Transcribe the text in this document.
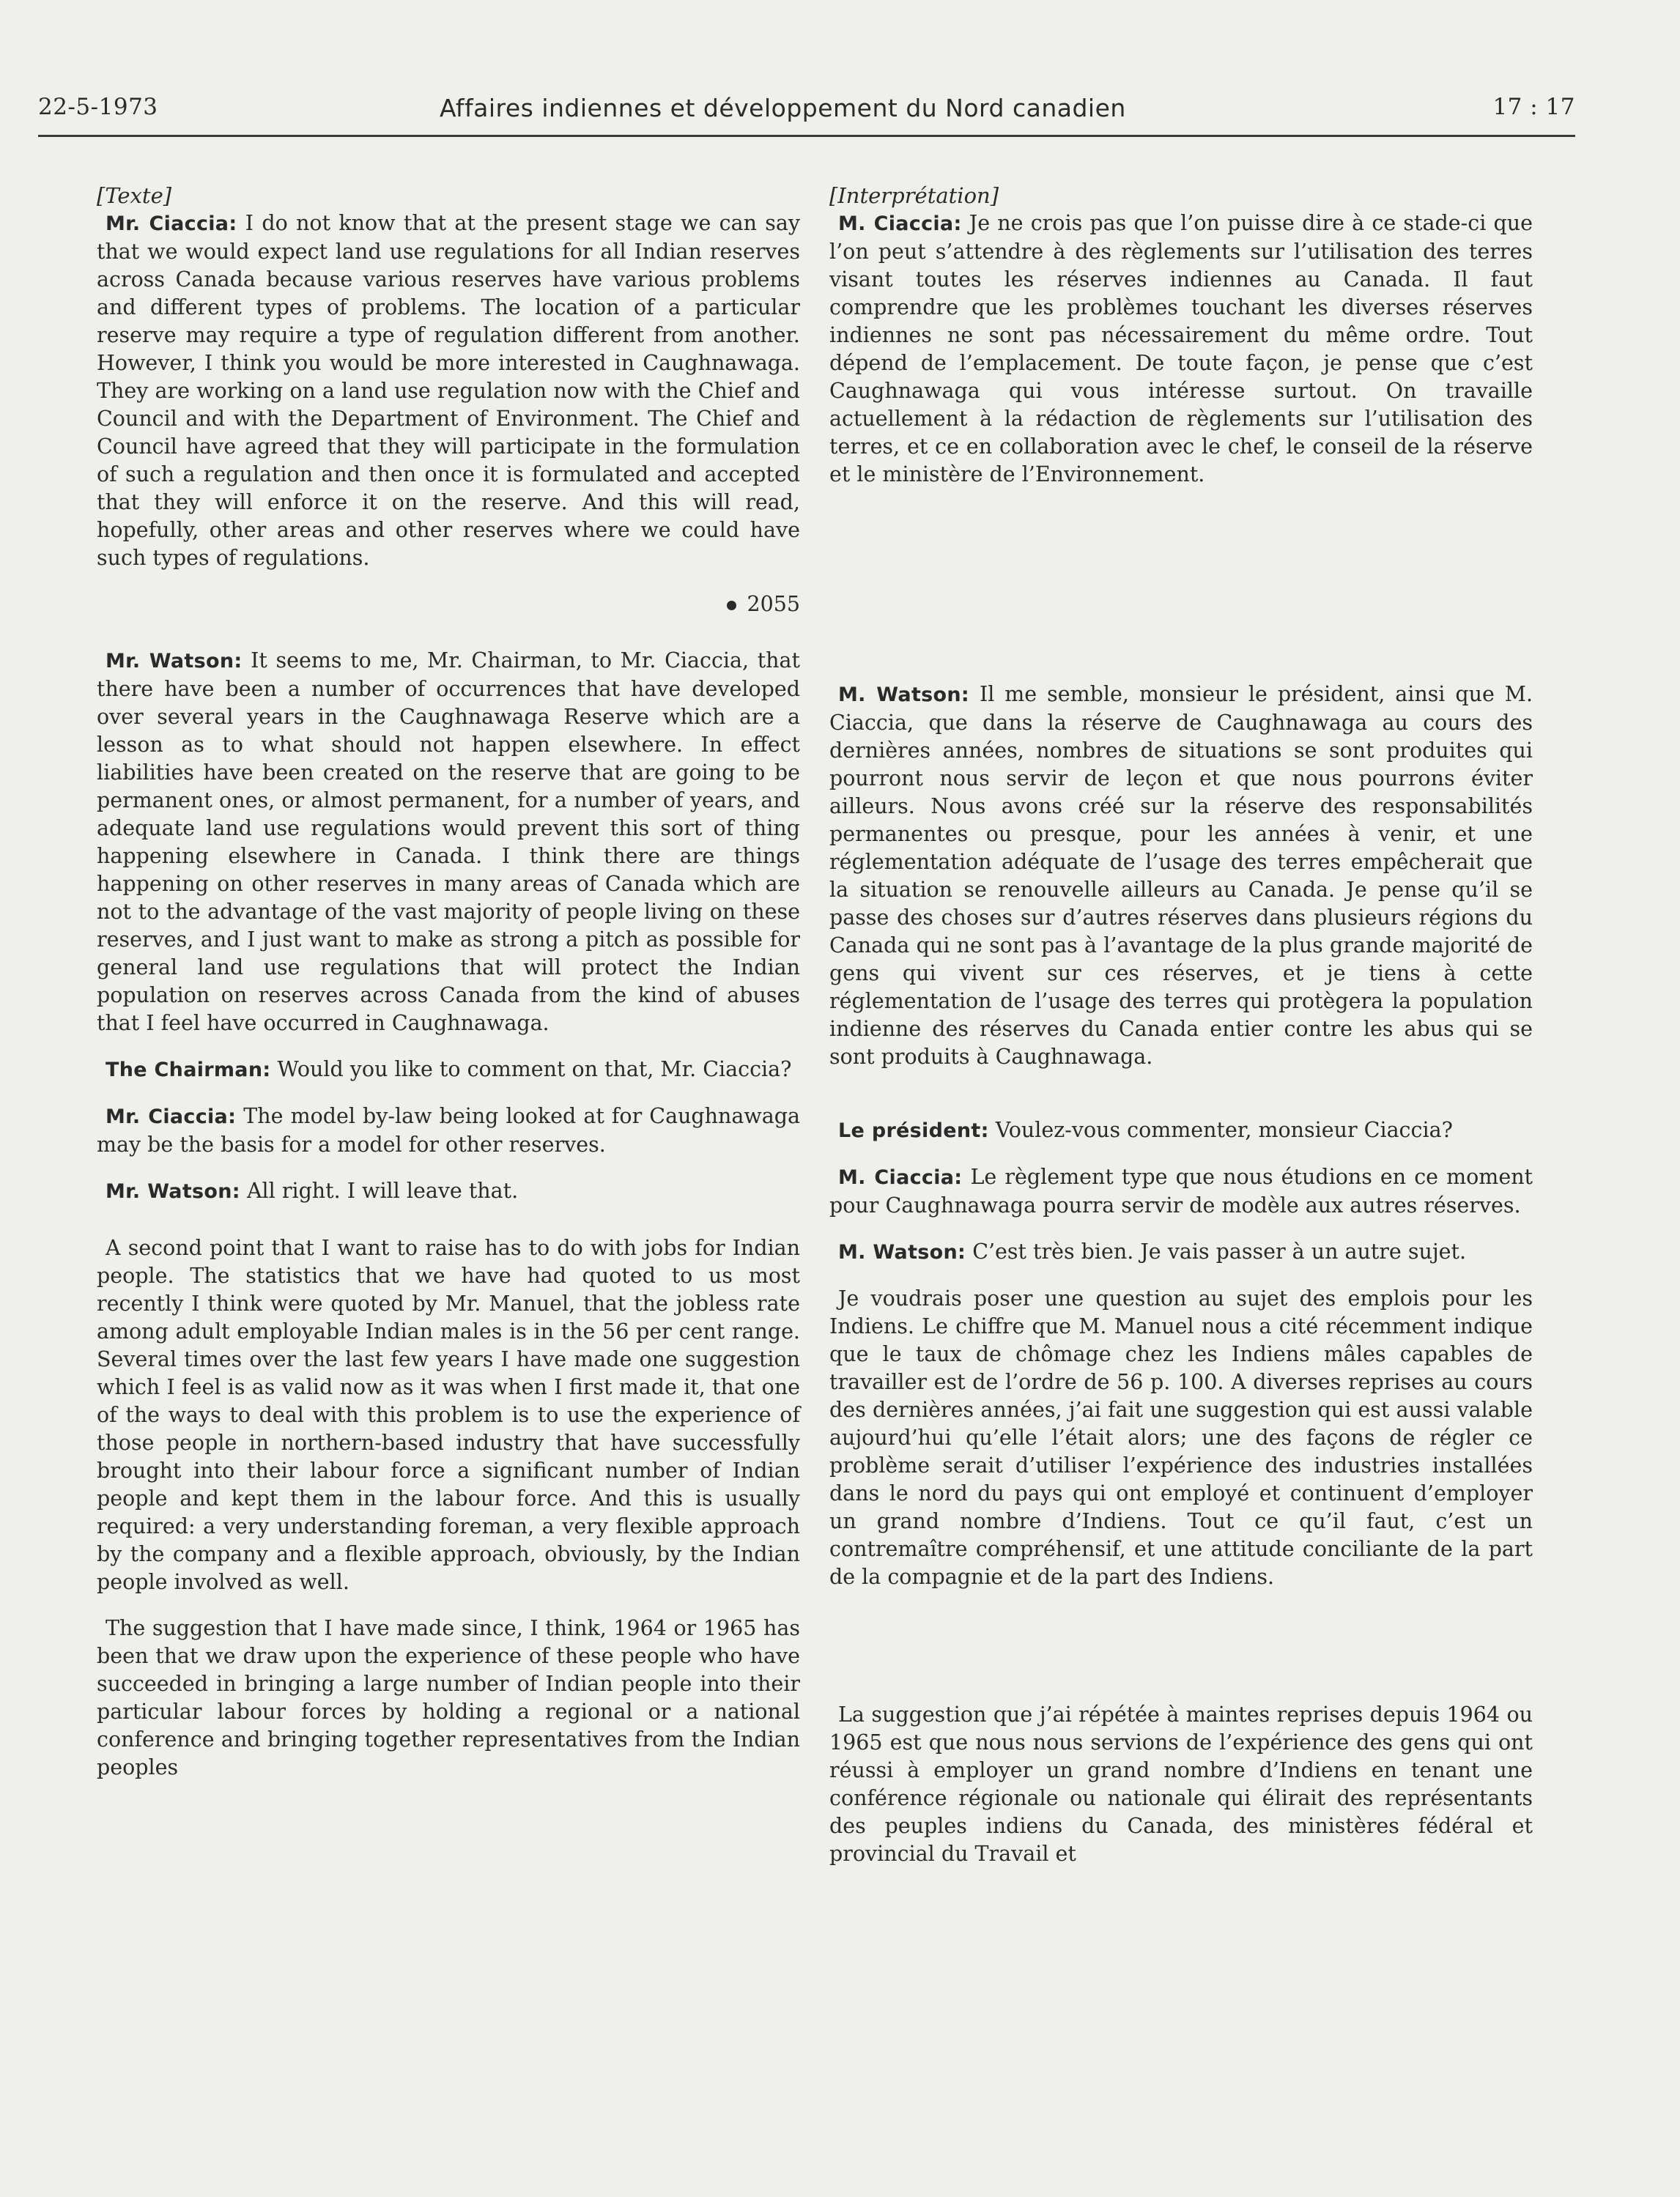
22-5-1973	Affaires indiennes et développement du Nord canadien	17 : 17

[Texte]

Mr. Ciaccia: I do not know that at the present stage we can say that we would expect land use regulations for all Indian reserves across Canada because various reserves have various problems and different types of problems. The location of a particular reserve may require a type of regulation different from another. However, I think you would be more interested in Caughnawaga. They are working on a land use regulation now with the Chief and Council and with the Department of Environment. The Chief and Council have agreed that they will participate in the formulation of such a regulation and then once it is formulated and accepted that they will enforce it on the reserve. And this will read, hopefully, other areas and other reserves where we could have such types of regulations.

2055

Mr. Watson: It seems to me, Mr. Chairman, to Mr. Ciaccia, that there have been a number of occurrences that have developed over several years in the Caughnawaga Reserve which are a lesson as to what should not happen elsewhere. In effect liabilities have been created on the reserve that are going to be permanent ones, or almost permanent, for a number of years, and adequate land use regulations would prevent this sort of thing happening elsewhere in Canada. I think there are things happening on other reserves in many areas of Canada which are not to the advantage of the vast majority of people living on these reserves, and I just want to make as strong a pitch as possible for general land use regulations that will protect the Indian population on reserves across Canada from the kind of abuses that I feel have occurred in Caughnawaga.

The Chairman: Would you like to comment on that, Mr. Ciaccia?

Mr. Ciaccia: The model by-law being looked at for Caughnawaga may be the basis for a model for other reserves.

Mr. Watson: All right. I will leave that.

A second point that I want to raise has to do with jobs for Indian people. The statistics that we have had quoted to us most recently I think were quoted by Mr. Manuel, that the jobless rate among adult employable Indian males is in the 56 per cent range. Several times over the last few years I have made one suggestion which I feel is as valid now as it was when I first made it, that one of the ways to deal with this problem is to use the experience of those people in northern-based industry that have successfully brought into their labour force a significant number of Indian people and kept them in the labour force. And this is usually required: a very understanding foreman, a very flexible approach by the company and a flexible approach, obviously, by the Indian people involved as well.

The suggestion that I have made since, I think, 1964 or 1965 has been that we draw upon the experience of these people who have succeeded in bringing a large number of Indian people into their particular labour forces by holding a regional or a national conference and bringing together representatives from the Indian peoples

[Interprétation]

M. Ciaccia: Je ne crois pas que l’on puisse dire à ce stade-ci que l’on peut s’attendre à des règlements sur l’utilisation des terres visant toutes les réserves indiennes au Canada. Il faut comprendre que les problèmes touchant les diverses réserves indiennes ne sont pas nécessairement du même ordre. Tout dépend de l’emplacement. De toute façon, je pense que c’est Caughnawaga qui vous intéresse surtout. On travaille actuellement à la rédaction de règlements sur l’utilisation des terres, et ce en collaboration avec le chef, le conseil de la réserve et le ministère de l’Environnement.

M. Watson: Il me semble, monsieur le président, ainsi que M. Ciaccia, que dans la réserve de Caughnawaga au cours des dernières années, nombres de situations se sont produites qui pourront nous servir de leçon et que nous pourrons éviter ailleurs. Nous avons créé sur la réserve des responsabilités permanentes ou presque, pour les années à venir, et une réglementation adéquate de l’usage des terres empêcherait que la situation se renouvelle ailleurs au Canada. Je pense qu’il se passe des choses sur d’autres réserves dans plusieurs régions du Canada qui ne sont pas à l’avantage de la plus grande majorité de gens qui vivent sur ces réserves, et je tiens à cette réglementation de l’usage des terres qui protègera la population indienne des réserves du Canada entier contre les abus qui se sont produits à Caughnawaga.

Le président: Voulez-vous commenter, monsieur Ciaccia?

M. Ciaccia: Le règlement type que nous étudions en ce moment pour Caughnawaga pourra servir de modèle aux autres réserves.

M. Watson: C’est très bien. Je vais passer à un autre sujet.

Je voudrais poser une question au sujet des emplois pour les Indiens. Le chiffre que M. Manuel nous a cité récemment indique que le taux de chômage chez les Indiens mâles capables de travailler est de l’ordre de 56 p. 100. A diverses reprises au cours des dernières années, j’ai fait une suggestion qui est aussi valable aujourd’hui qu’elle l’était alors; une des façons de régler ce problème serait d’utiliser l’expérience des industries installées dans le nord du pays qui ont employé et continuent d’employer un grand nombre d’Indiens. Tout ce qu’il faut, c’est un contremaître compréhensif, et une attitude conciliante de la part de la compagnie et de la part des Indiens.

La suggestion que j’ai répétée à maintes reprises depuis 1964 ou 1965 est que nous nous servions de l’expérience des gens qui ont réussi à employer un grand nombre d’Indiens en tenant une conférence régionale ou nationale qui élirait des représentants des peuples indiens du Canada, des ministères fédéral et provincial du Travail et
